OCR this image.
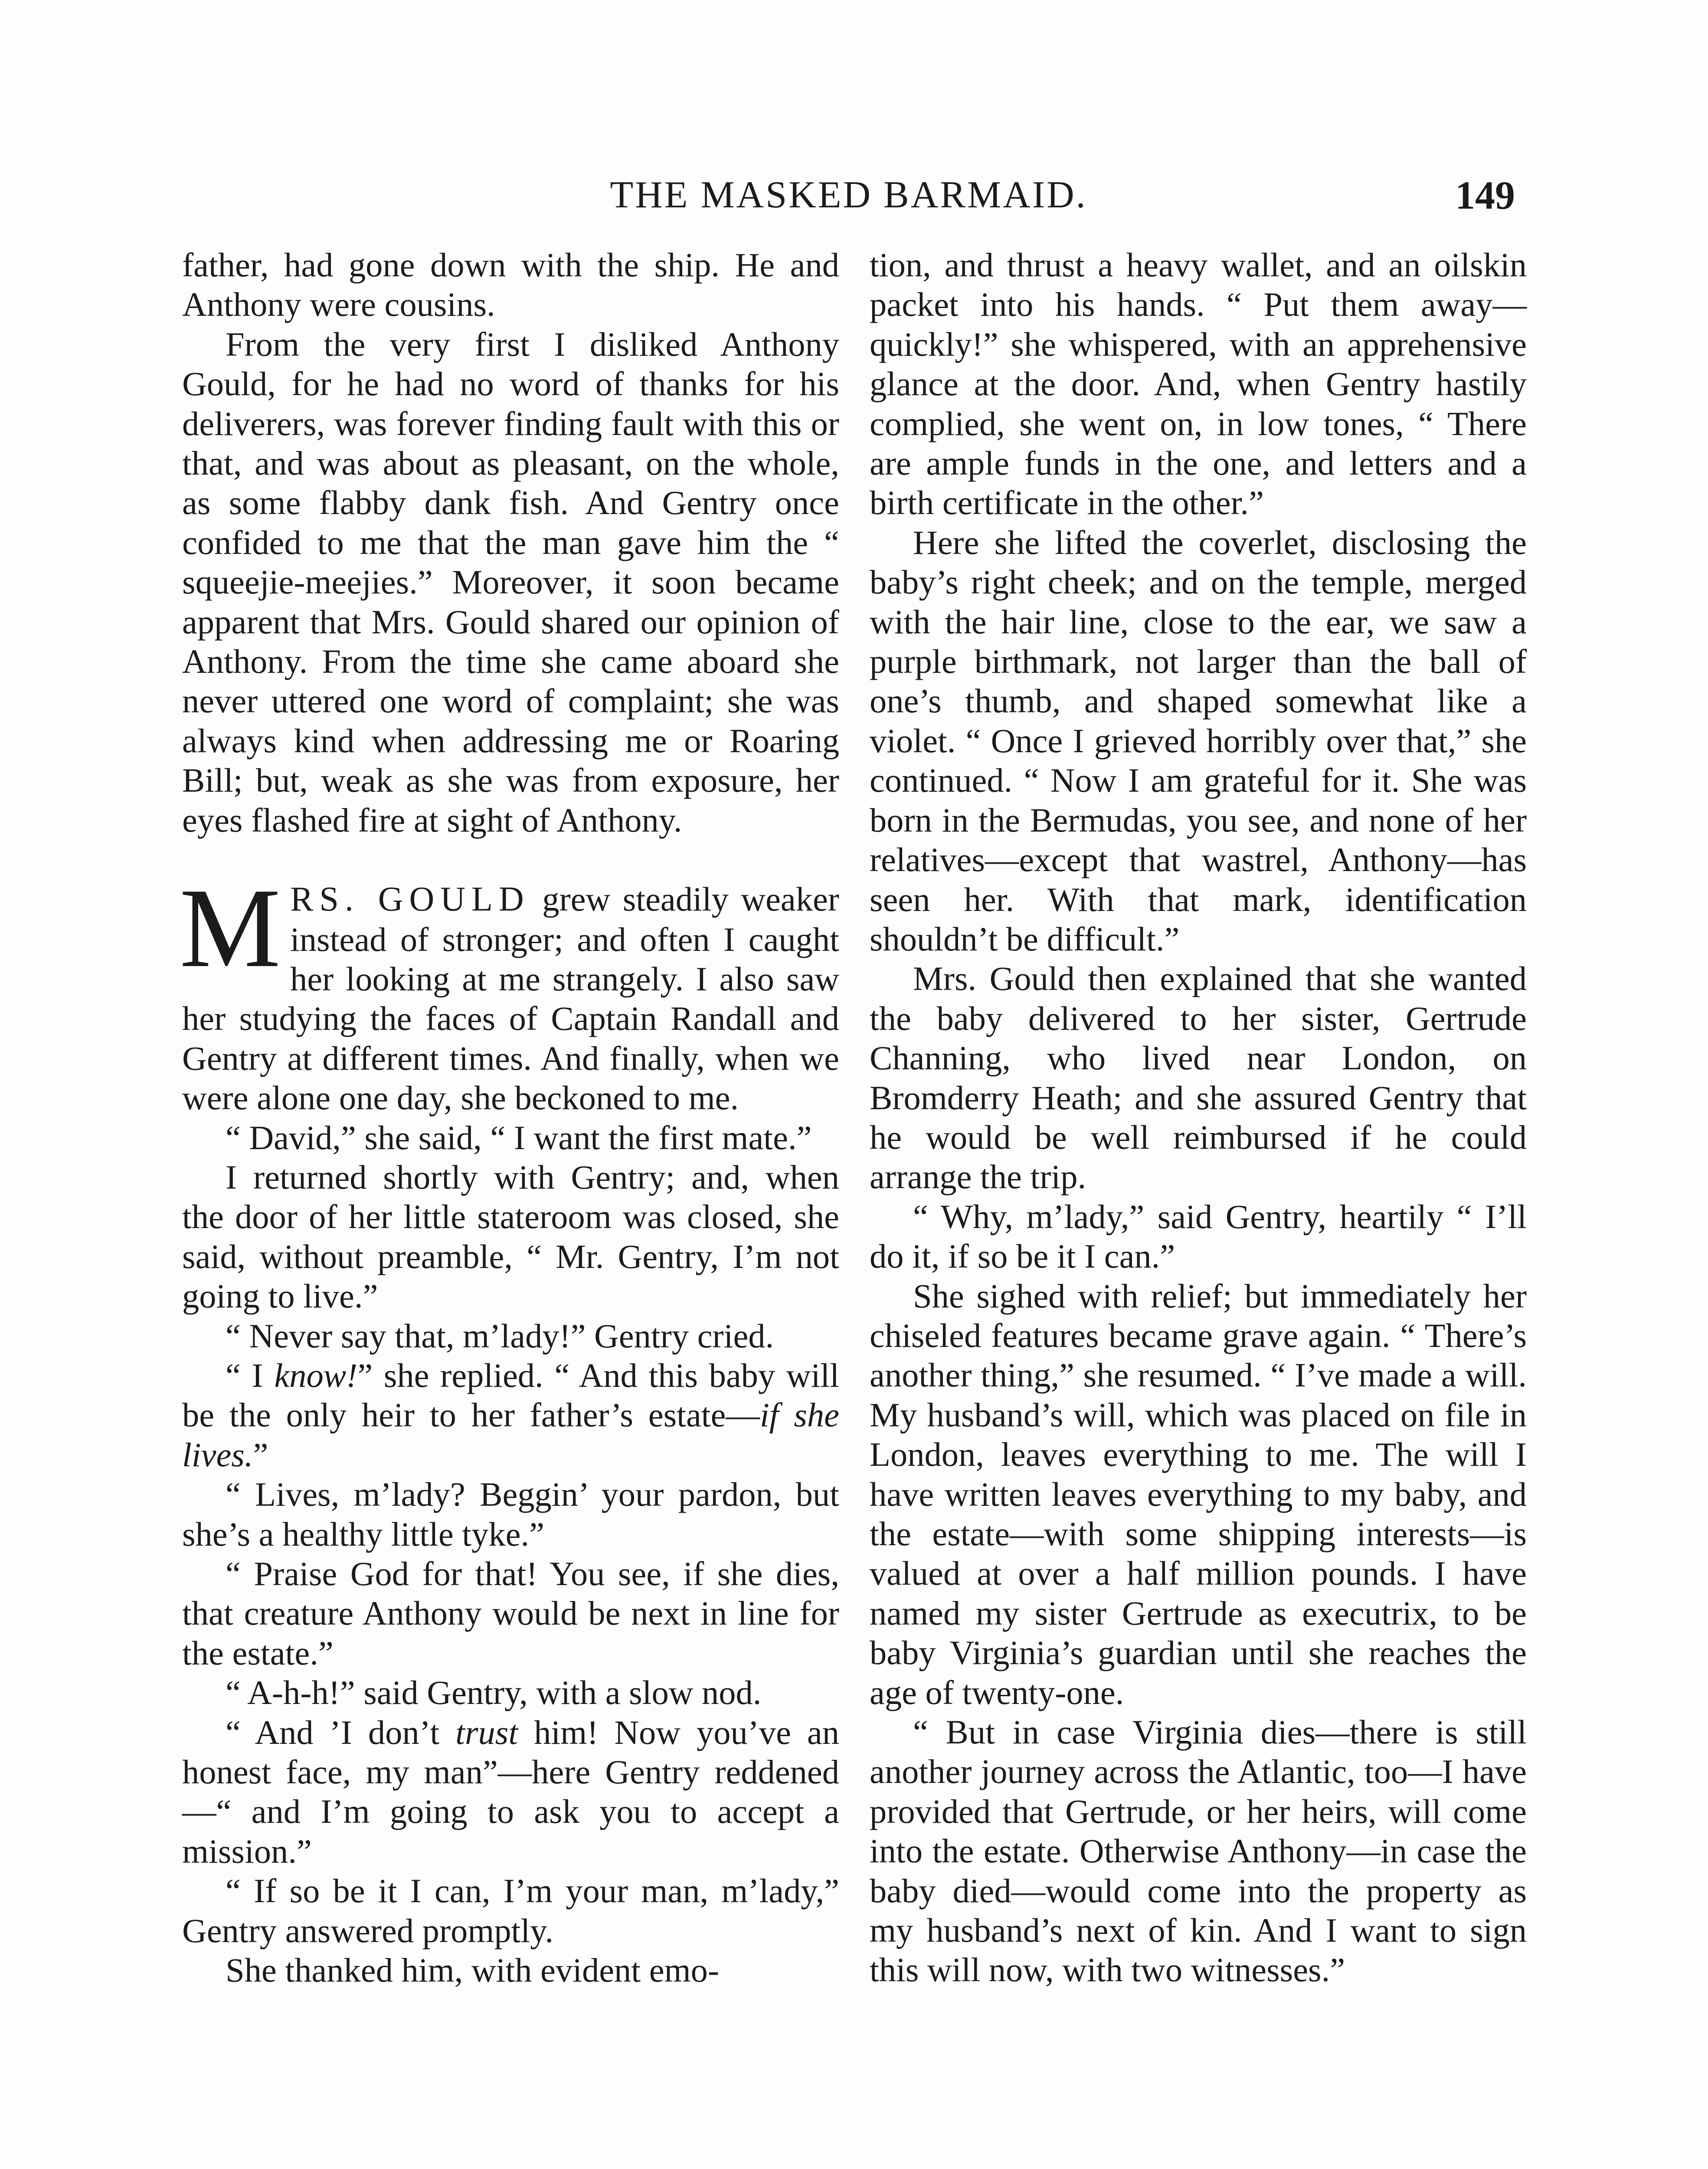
THE MASKED BARMAID.	149

father, had gone down with the ship. He and Anthony were cousins.

From the very first I disliked Anthony Gould, for he had no word of thanks for his deliverers, was forever finding fault with this or that, and was about as pleasant, on the whole, as some flabby dank fish. And Gentry once confided to me that the man gave him the “ squeejie-meejies.” Moreover, it soon became apparent that Mrs. Gould shared our opinion of Anthony. From the time she came aboard she never uttered one word of complaint; she was always kind when addressing me or Roaring Bill; but, weak as she was from exposure, her eyes flashed fire at sight of Anthony.

MRS. GOULD grew steadily weaker instead of stronger; and often I caught her looking at me strangely. I also saw her studying the faces of Captain Randall and Gentry at different times. And finally, when we were alone one day, she beckoned to me.

“ David,” she said, “ I want the first mate.”

I returned shortly with Gentry; and, when the door of her little stateroom was closed, she said, without preamble, “ Mr. Gentry, I’m not going to live.”

“ Never say that, m’lady!” Gentry cried.

“ I know!” she replied. “ And this baby will be the only heir to her father’s estate—if she lives.”

“ Lives, m’lady? Beggin’ your pardon, but she’s a healthy little tyke.”

“ Praise God for that! You see, if she dies, that creature Anthony would be next in line for the estate.”

“ A-h-h!” said Gentry, with a slow nod.

“ And ’I don’t trust him! Now you’ve an honest face, my man”—here Gentry reddened—“ and I’m going to ask you to accept a mission.”

“ If so be it I can, I’m your man, m’lady,” Gentry answered promptly.

She thanked him, with evident emo-

tion, and thrust a heavy wallet, and an oilskin packet into his hands. “ Put them away—quickly!” she whispered, with an apprehensive glance at the door. And, when Gentry hastily complied, she went on, in low tones, “ There are ample funds in the one, and letters and a birth certificate in the other.”

Here she lifted the coverlet, disclosing the baby’s right cheek; and on the temple, merged with the hair line, close to the ear, we saw a purple birthmark, not larger than the ball of one’s thumb, and shaped somewhat like a violet. “ Once I grieved horribly over that,” she continued. “ Now I am grateful for it. She was born in the Bermudas, you see, and none of her relatives—except that wastrel, Anthony—has seen her. With that mark, identification shouldn’t be difficult.”

Mrs. Gould then explained that she wanted the baby delivered to her sister, Gertrude Channing, who lived near London, on Bromderry Heath; and she assured Gentry that he would be well reimbursed if he could arrange the trip.

“ Why, m’lady,” said Gentry, heartily “ I’ll do it, if so be it I can.”

She sighed with relief; but immediately her chiseled features became grave again. “ There’s another thing,” she resumed. “ I’ve made a will. My husband’s will, which was placed on file in London, leaves everything to me. The will I have written leaves everything to my baby, and the estate—with some shipping interests—is valued at over a half million pounds. I have named my sister Gertrude as executrix, to be baby Virginia’s guardian until she reaches the age of twenty-one.

“ But in case Virginia dies—there is still another journey across the Atlantic, too—I have provided that Gertrude, or her heirs, will come into the estate. Otherwise Anthony—in case the baby died—would come into the property as my husband’s next of kin. And I want to sign this will now, with two witnesses.”
